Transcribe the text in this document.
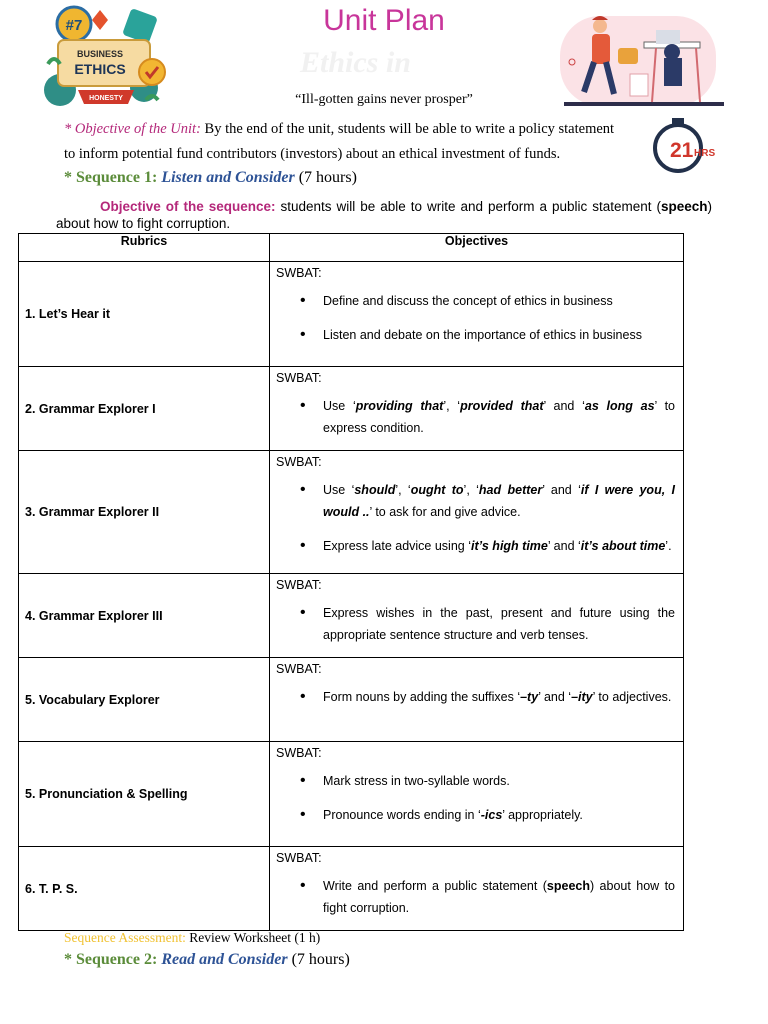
Unit Plan
Ethics in
“Ill-gotten gains never prosper”
#7
BUSINESS
ETHICS
HONESTY
21 HRS
* Objective of the Unit: By the end of the unit, students will be able to write a policy statement
to inform potential fund contributors (investors) about an ethical investment of funds.
* Sequence 1: Listen and Consider (7 hours)
Objective of the sequence: students will be able to write and perform a public statement (speech) about how to fight corruption.
Rubrics	Objectives
1. Let’s Hear it	SWBAT:
• Define and discuss the concept of ethics in business
• Listen and debate on the importance of ethics in business

2. Grammar Explorer I	SWBAT:
• Use ‘providing that’, ‘provided that’ and ‘as long as’ to express condition.

3. Grammar Explorer II	SWBAT:
• Use ‘should’, ‘ought to’, ‘had better’ and ‘if I were you, I would ..’ to ask for and give advice.
• Express late advice using ‘it’s high time’ and ‘it’s about time’.

4. Grammar Explorer III	SWBAT:
• Express wishes in the past, present and future using the appropriate sentence structure and verb tenses.

5. Vocabulary Explorer	SWBAT:
• Form nouns by adding the suffixes ‘–ty’ and ‘–ity’ to adjectives.

5. Pronunciation & Spelling	SWBAT:
• Mark stress in two-syllable words.
• Pronounce words ending in ‘-ics’ appropriately.

6. T. P. S.	SWBAT:
• Write and perform a public statement (speech) about how to fight corruption.
Sequence Assessment: Review Worksheet (1 h)
* Sequence 2: Read and Consider (7 hours)
